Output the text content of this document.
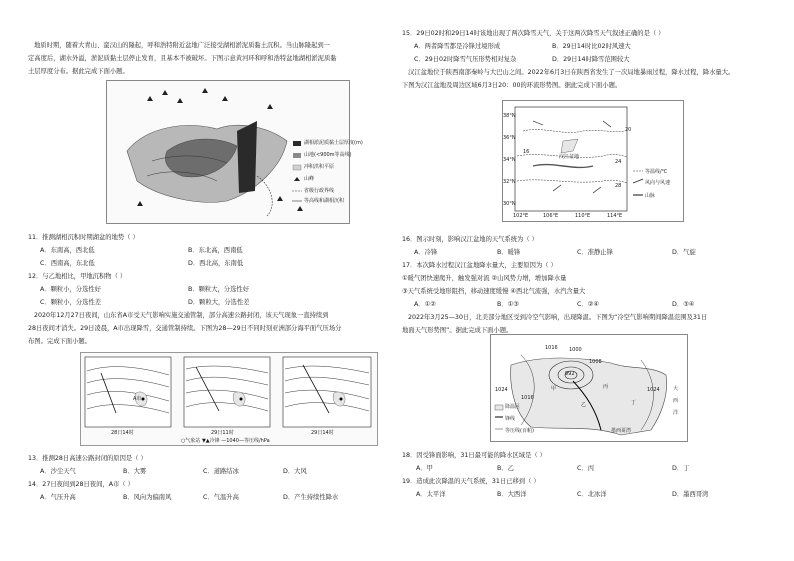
地质时期，随着大青山、蛮汉山的隆起，呼和浩特附近盆地广泛接受湖相淤泥质黏土沉积。当山脉隆起到一
定高度后，湖水外溢，淤泥质黏土层停止发育，且基本不被破坏。下图示意黄河环和呼和浩特盆地湖相淤泥质黏
土层厚度分布。据此完成下面小题。
湖相淤泥质黏土层厚度(m)
山地(<900m等高线)
冲积洪积平原
山峰
省级行政界线
等高线和湖相沉积
11．推测湖相沉积时期湖盆的地势（ ）
A．东南高，西北低	B．东北高，西南低
C．西南高，东北低	D．西北高，东南低
12．与乙地相比，甲地沉积物（ ）
A．颗粒小，分选性好	B．颗粒大，分选性好
C．颗粒小，分选性差	D．颗粒大，分选性差
2020年12月27日夜间，山东省A市受天气影响实施交通管制，部分高速公路封闭，该天气现象一直持续到
28日夜间才消失。29日凌晨，A市出现降雪，交通管制持续。下图为28—29日不同时刻亚洲部分海平面气压场分
布图。完成下面小题。
28日14时	29日11时	29日14时
A市
○气象站 ▼▲冷锋 —1040—等压线/hPa
13．推测28日高速公路封闭的原因是（ ）
A．沙尘天气	B．大雾	C．道路结冰	D．大风
14．27日夜间到28日夜间，A市（ ）
A．气压升高	B．风向为偏南风	C．气温升高	D．产生持续性降水
15．29日02时和29日14时该地出现了两次降雪天气，关于这两次降雪天气叙述正确的是（ ）
A．两者降雪都是冷锋过境形成	B．29日14时比02时风速大
C．29日02时降雪气压形势相对复杂	D．29日14时降雪范围较大
汉江盆地位于陕西南部秦岭与大巴山之间。2022年6月3日在陕西省发生了一次局地暴雨过程，降水过程，降水量大。
下图为汉江盆地及周边区域6月3日20：00的环流形势图。据此完成下面小题。
38°N
36°N
34°N
32°N
30°N
102°E	106°E	110°E	114°E
20
16
24
28
汉江盆地
等温线/℃
风向与风速
山脉
16．图示时刻，影响汉江盆地的天气系统为（ ）
A．冷锋	B．暖锋	C．准静止锋	D．气旋
17．本次降水过程汉江盆地降水量大，主要原因为（ ）
①暖气团快速爬升，触发强对流 ②山风势力增，增加降水量
③天气系统受地形阻挡，移动速度缓慢 ④西北气流强，水汽含量大
A．①②	B．①③	C．②④	D．③④
2022年3月25—30日，北美部分地区受到冷空气影响，出现降温。下图为“冷空气影响期间降温范围及31日
地面天气形势图”。据此完成下面小题。
1016 1000
1008
992
1024
1016
1024
甲
乙
丙
丁
大
西
洋
墨西哥湾
降温区
锋线
等压线(百帕)
18．因受锋面影响，31日最可能的降水区域是（ ）
A．甲	B．乙	C．丙	D．丁
19．造成此次降温的天气系统，31日已移到（ ）
A．太平洋	B．大西洋	C．北冰洋	D．墨西哥湾
